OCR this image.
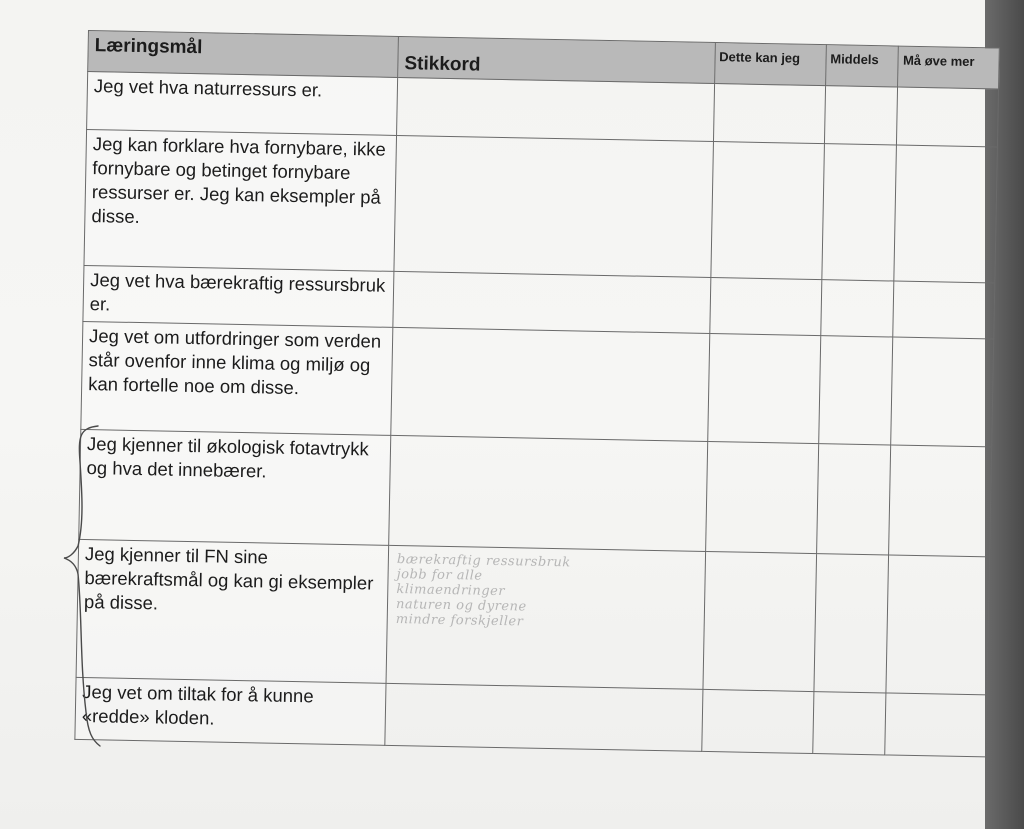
Læringsmål	Stikkord	Dette kan jeg	Middels	Må øve mer
Jeg vet hva naturressurs er.				
Jeg kan forklare hva fornybare, ikke fornybare og betinget fornybare ressurser er. Jeg kan eksempler på disse.				
Jeg vet hva bærekraftig ressursbruk er.				
Jeg vet om utfordringer som verden står ovenfor inne klima og miljø og kan fortelle noe om disse.				
Jeg kjenner til økologisk fotavtrykk og hva det innebærer.				
Jeg kjenner til FN sine bærekraftsmål og kan gi eksempler på disse.	bærekraftig ressursbruk
jobb for alle
klimaendringer
naturen og dyrene
mindre forskjeller			

Jeg vet om tiltak for å kunne «redde» kloden.				
